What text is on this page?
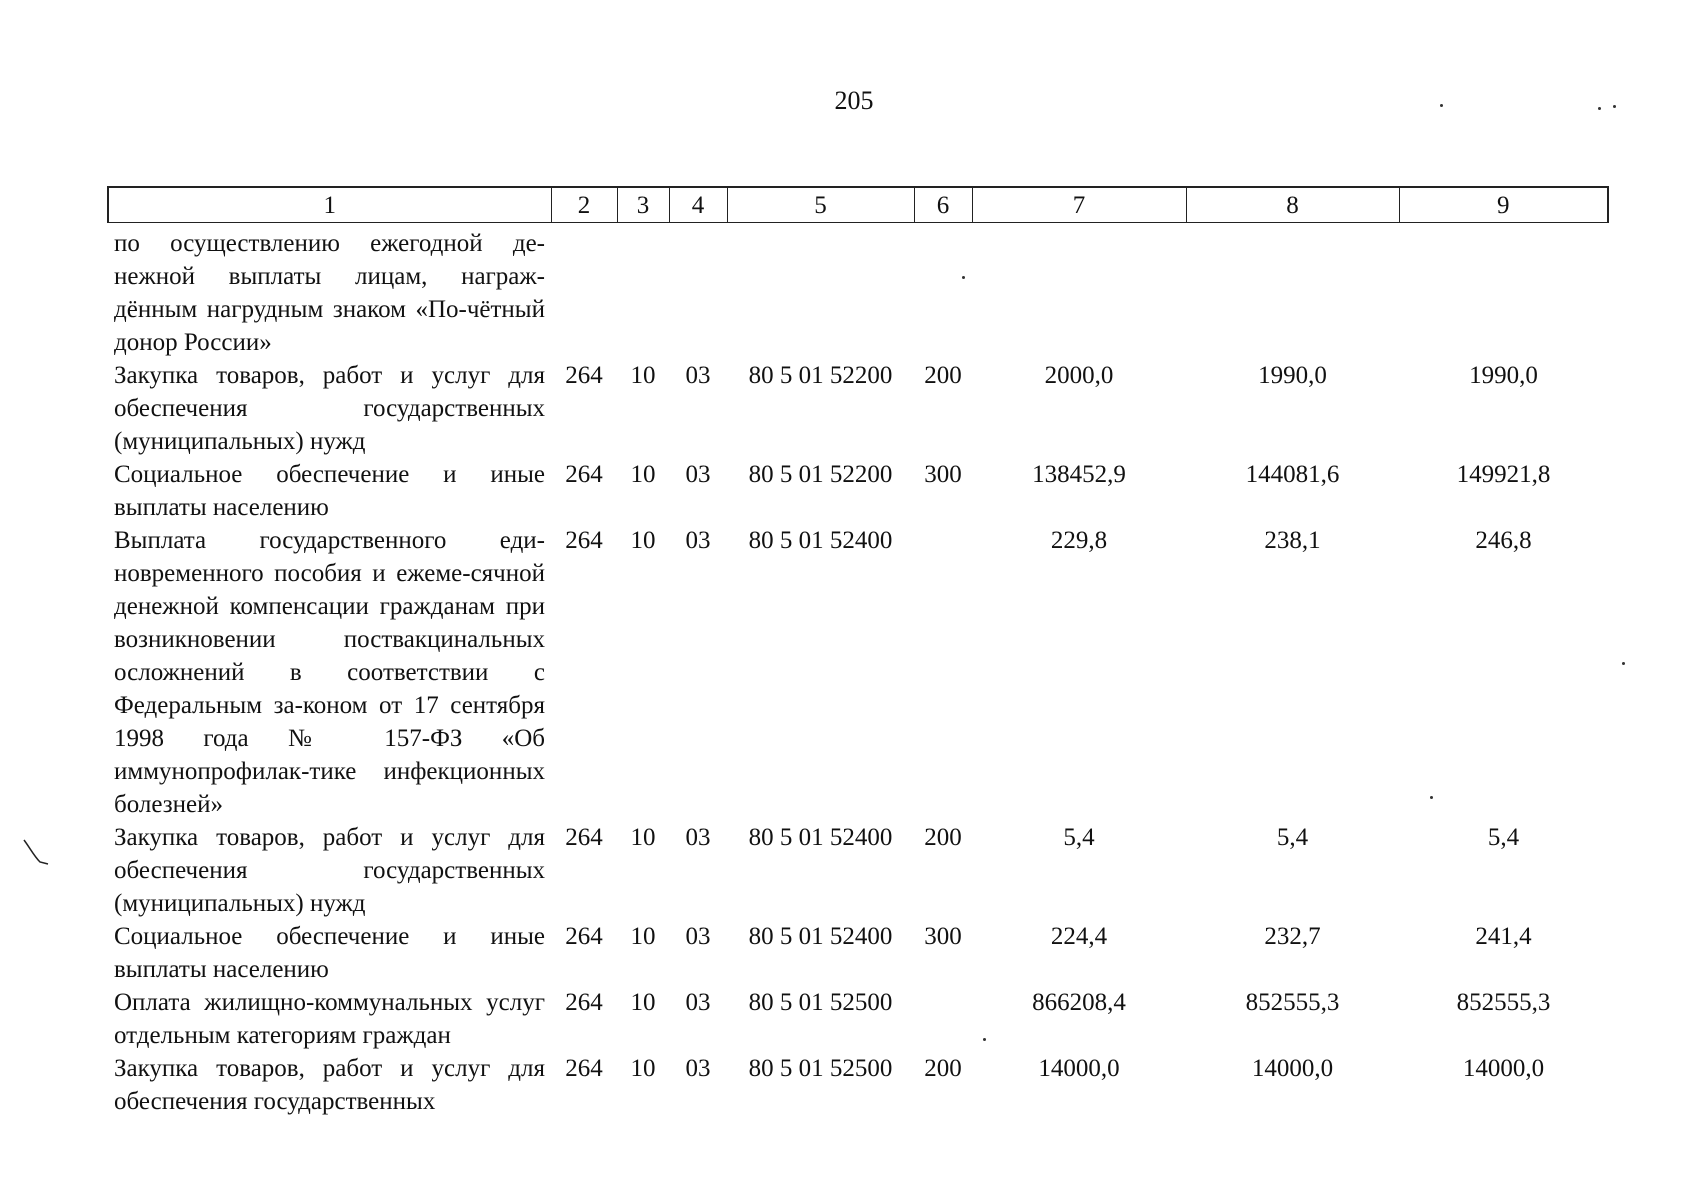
205
1	2	3	4	5	6	7	8	9
по осуществлению ежегодной де-нежной выплаты лицам, награж-дённым нагрудным знаком «По-чётный донор России»								
Закупка товаров, работ и услуг для обеспечения государственных (муниципальных) нужд	264	10	03	80 5 01 52200	200	2000,0	1990,0	1990,0
Социальное обеспечение и иные выплаты населению	264	10	03	80 5 01 52200	300	138452,9	144081,6	149921,8
Выплата государственного еди-новременного пособия и ежеме-сячной денежной компенсации гражданам при возникновении поствакцинальных осложнений в соответствии с Федеральным за-коном от 17 сентября 1998 года № 157-ФЗ «Об иммунопрофилак-тике инфекционных болезней»	264	10	03	80 5 01 52400		229,8	238,1	246,8
Закупка товаров, работ и услуг для обеспечения государственных (муниципальных) нужд	264	10	03	80 5 01 52400	200	5,4	5,4	5,4
Социальное обеспечение и иные выплаты населению	264	10	03	80 5 01 52400	300	224,4	232,7	241,4
Оплата жилищно-коммунальных услуг отдельным категориям граждан	264	10	03	80 5 01 52500		866208,4	852555,3	852555,3
Закупка товаров, работ и услуг для обеспечения государственных	264	10	03	80 5 01 52500	200	14000,0	14000,0	14000,0
